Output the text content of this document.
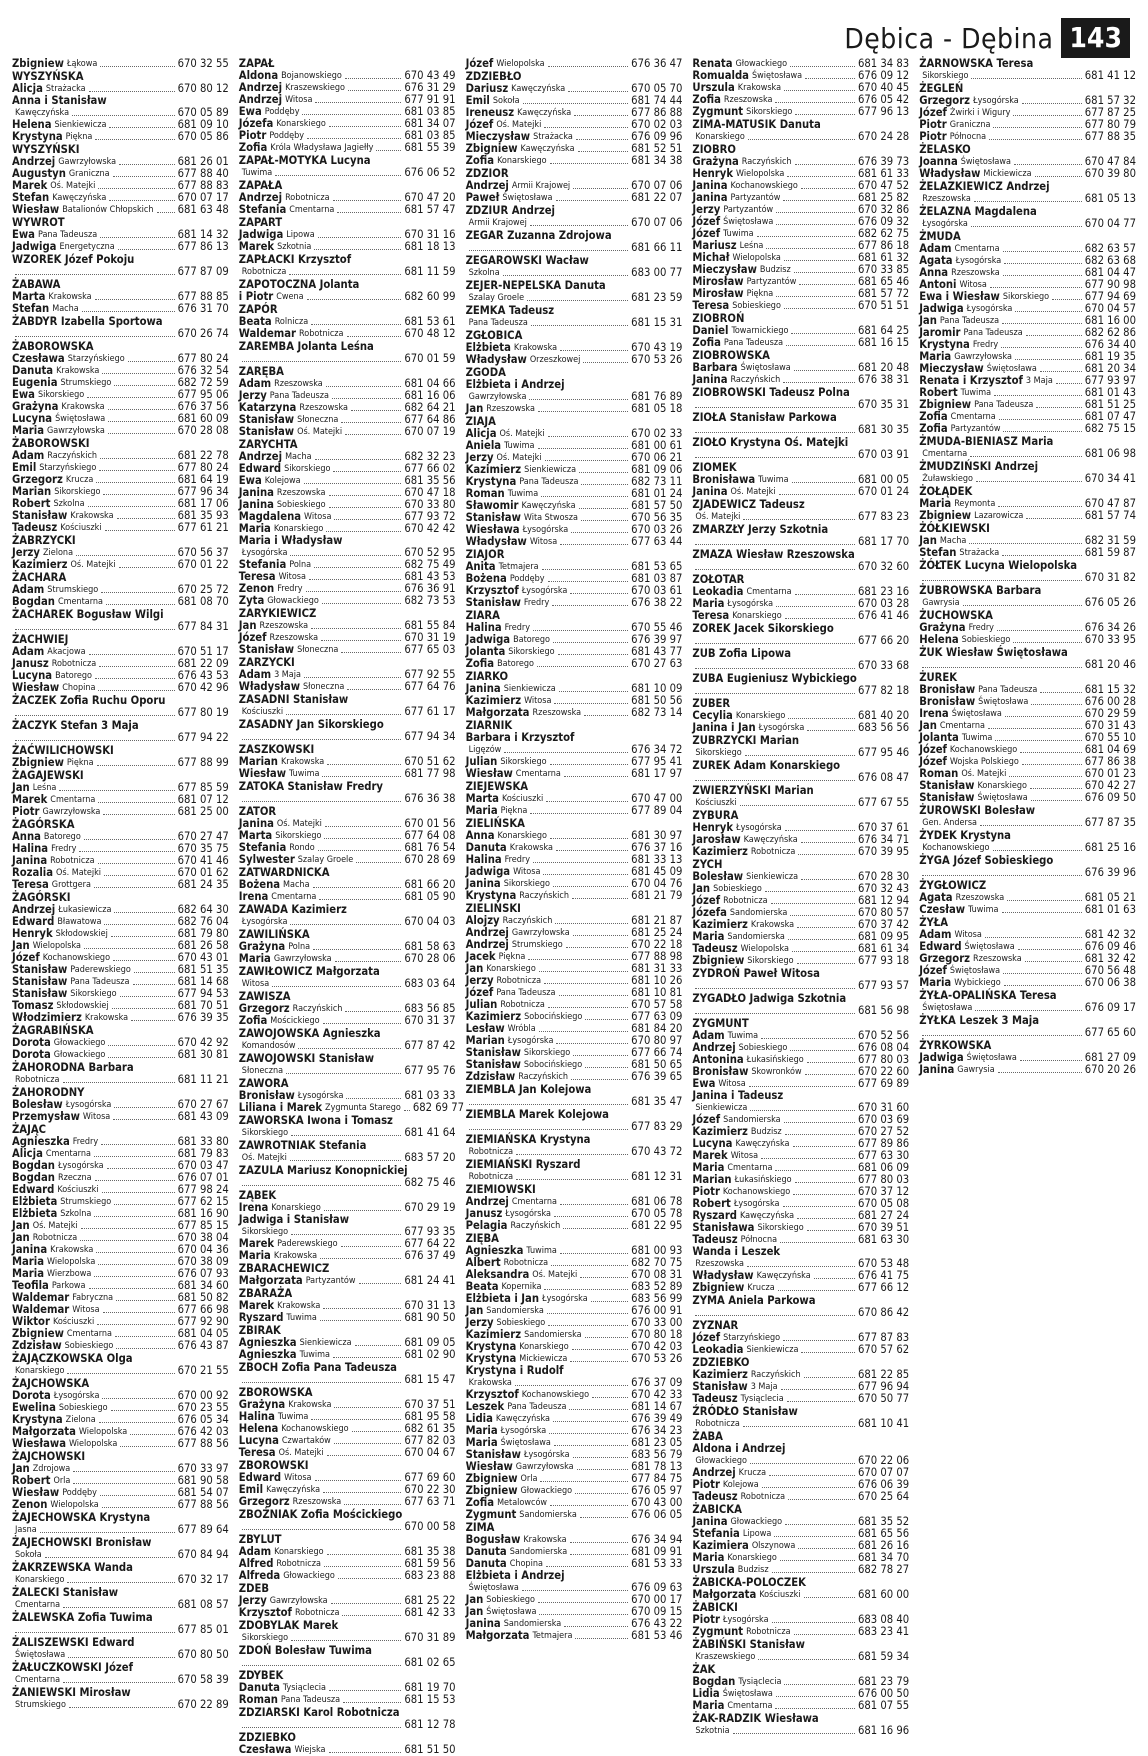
Dębica - Dębina 143
Zbigniew Łąkowa	670 32 55
WYSZYŃSKA
Alicja Strażacka	670 80 12
Anna i Stanisław
Kawęczyńska	670 05 89
Helena Sienkiewicza	681 09 10
Krystyna Piękna	670 05 86
WYSZYŃSKI
Andrzej Gawrzyłowska	681 26 01
Augustyn Graniczna	677 88 40
Marek Oś. Matejki	677 88 83
Stefan Kawęczyńska	670 07 17
Wiesław Batalionów Chłopskich 681 63 48
WYWROT
Ewa Pana Tadeusza	681 14 32
Jadwiga Energetyczna	677 86 13
WZOREK Józef Pokoju
677 87 09
ŻABAWA
Marta Krakowska	677 88 85
Stefan Macha	676 31 70
ŻABDYR Izabella Sportowa
670 26 74
ŻABOROWSKA
Czesława Starzyńskiego	677 80 24
Danuta Krakowska	676 32 54
Eugenia Strumskiego	682 72 59
Ewa Sikorskiego	677 95 06
Grażyna Krakowska	676 37 56
Lucyna Świętosława	681 60 09
Maria Gawrzyłowska	670 28 08
ŻABOROWSKI
Adam Raczyńskich	681 22 78
Emil Starzyńskiego	677 80 24
Grzegorz Krucza	681 64 19
Marian Sikorskiego	677 96 34
Robert Szkolna	681 17 06
Stanisław Krakowska	681 35 93
Tadeusz Kościuszki	677 61 21
ŻABRZYCKI
Jerzy Zielona	670 56 37
Kazimierz Oś. Matejki	670 01 22
ŻACHARA
Adam Strumskiego	670 25 72
Bogdan Cmentarna	681 08 70
ŻACHAREK Bogusław Wilgi
677 84 31
ŻACHWIEJ
Adam Akacjowa	670 51 17
Janusz Robotnicza	681 22 09
Lucyna Batorego	676 43 53
Wiesław Chopina	670 42 96
ŻACZEK Zofia Ruchu Oporu
677 80 19
ŻACZYK Stefan 3 Maja
677 94 22
ŻAĆWILICHOWSKI
Zbigniew Piękna	677 88 99
ŻAGAJEWSKI
Jan Leśna	677 85 59
Marek Cmentarna	681 07 12
Piotr Gawrzyłowska	681 25 00
ŻAGÓRSKA
Anna Batorego	670 27 47
Halina Fredry	670 35 75
Janina Robotnicza	670 41 46
Rozalia Oś. Matejki	670 01 62
Teresa Grottgera	681 24 35
ŻAGÓRSKI
Andrzej Łukasiewicza	682 64 30
Edward Bławatowa	682 76 04
Henryk Skłodowskiej	681 79 80
Jan Wielopolska	681 26 58
Józef Kochanowskiego	670 43 01
Stanisław Paderewskiego	681 51 35
Stanisław Pana Tadeusza	681 14 68
Stanisław Sikorskiego	677 94 53
Tomasz Skłodowskiej	681 70 51
Włodzimierz Krakowska	676 39 35
ŻAGRABIŃSKA
Dorota Głowackiego	670 42 92
Dorota Głowackiego	681 30 81
ŻAHORODNA Barbara
Robotnicza	681 11 21
ŻAHORODNY
Bolesław Łysogórska	670 27 67
Przemysław Witosa	681 43 09
ŻAJĄC
Agnieszka Fredry	681 33 80
Alicja Cmentarna	681 79 83
Bogdan Łysogórska	670 03 47
Bogdan Rzeczna	676 07 01
Edward Kościuszki	677 98 24
Elżbieta Strumskiego	677 62 15
Elżbieta Szkolna	681 16 90
Jan Oś. Matejki	677 85 15
Jan Robotnicza	670 38 04
Janina Krakowska	670 04 36
Maria Wielopolska	670 38 09
Maria Wierzbowa	676 07 93
Teofila Parkowa	681 34 60
Waldemar Fabryczna	681 50 82
Waldemar Witosa	677 66 98
Wiktor Kościuszki	677 92 90
Zbigniew Cmentarna	681 04 05
Zdzisław Sobieskiego	676 43 87
ŻAJĄCZKOWSKA Olga
Konarskiego	670 21 55
ŻAJCHOWSKA
Dorota Łysogórska	670 00 92
Ewelina Sobieskiego	670 23 55
Krystyna Zielona	676 05 34
Małgorzata Wielopolska	676 42 03
Wiesława Wielopolska	677 88 56
ŻAJCHOWSKI
Jan Zdrojowa	670 33 97
Robert Orla	681 90 58
Wiesław Poddęby	681 54 07
Zenon Wielopolska	677 88 56
ŻAJECHOWSKA Krystyna
Jasna	677 89 64
ŻAJECHOWSKI Bronisław
Sokoła	670 84 94
ŻAKRZEWSKA Wanda
Konarskiego	670 32 17
ŻALECKI Stanisław
Cmentarna	681 08 57
ŻALEWSKA Zofia Tuwima
677 85 01
ŻALISZEWSKI Edward
Świętosława	670 80 50
ŻAŁUCZKOWSKI Józef
Cmentarna	670 58 39
ŻANIEWSKI Mirosław
Strumskiego	670 22 89
ZAPAŁ
Aldona Bojanowskiego	670 43 49
Andrzej Kraszewskiego	676 31 29
Andrzej Witosa	677 91 91
Ewa Poddęby	681 03 85
Józefa Konarskiego	681 34 07
Piotr Poddęby	681 03 85
Zofia Króla Władysława Jagiełły	681 55 39
ZAPAŁ-MOTYKA Lucyna
Tuwima	676 06 52
ZAPAŁA
Andrzej Robotnicza	670 47 20
Stefania Cmentarna	681 57 47
ZAPART
Jadwiga Lipowa	670 31 16
Marek Szkotnia	681 18 13
ZAPŁACKI Krzysztof
Robotnicza	681 11 59
ZAPOTOCZNA Jolanta
i Piotr Cwena	682 60 99
ZAPÓR
Beata Rolnicza	681 53 61
Waldemar Robotnicza	670 48 12
ZAREMBA Jolanta Leśna
670 01 59
ZARĘBA
Adam Rzeszowska	681 04 66
Jerzy Pana Tadeusza	681 16 06
Katarzyna Rzeszowska	682 64 21
Stanisław Słoneczna	677 64 86
Stanisław Oś. Matejki	670 07 19
ZARYCHTA
Andrzej Macha	682 32 23
Edward Sikorskiego	677 66 02
Ewa Kolejowa	681 35 56
Janina Rzeszowska	670 47 18
Janina Sobieskiego	670 33 80
Magdalena Witosa	677 93 72
Maria Konarskiego	670 42 42
Maria i Władysław
Łysogórska	670 52 95
Stefania Polna	682 75 49
Teresa Witosa	681 43 53
Zenon Fredry	676 36 91
Zyta Głowackiego	682 73 53
ZARYKIEWICZ
Jan Rzeszowska	681 55 84
Józef Rzeszowska	670 31 19
Stanisław Słoneczna	677 65 03
ZARZYCKI
Adam 3 Maja	677 92 55
Władysław Słoneczna	677 64 76
ZASADNI Stanisław
Kościuszki	677 61 17
ZASADNY Jan Sikorskiego
677 94 34
ZASZKOWSKI
Marian Krakowska	670 51 62
Wiesław Tuwima	681 77 98
ZATOKA Stanisław Fredry
676 36 38
ZATOR
Janina Oś. Matejki	670 01 56
Marta Sikorskiego	677 64 08
Stefania Rondo	681 76 54
Sylwester Szalay Groele	670 28 69
ZATWARDNICKA
Bożena Macha	681 66 20
Irena Cmentarna	681 05 90
ZAWADA Kazimierz
Łysogórska	670 04 03
ZAWILIŃSKA
Grażyna Polna	681 58 63
Maria Gawrzyłowska	670 28 06
ZAWIŁOWICZ Małgorzata
Witosa	683 03 64
ZAWISZA
Grzegorz Raczyńskich	683 56 85
Zofia Mościckiego	670 31 37
ZAWOJOWSKA Agnieszka
Komandosów	677 87 42
ZAWOJOWSKI Stanisław
Słoneczna	677 95 76
ZAWORA
Bronisław Łysogórska	681 03 33
Liliana i Marek Zygmunta Starego 682 69 77
ZAWORSKA Iwona i Tomasz
Sikorskiego	681 41 64
ZAWROTNIAK Stefania
Oś. Matejki	683 57 20
ZAZULA Mariusz Konopnickiej
682 75 46
ZĄBEK
Irena Konarskiego	670 29 19
Jadwiga i Stanisław
Sikorskiego	677 93 35
Marek Paderewskiego	677 64 22
Maria Krakowska	676 37 49
ZBARACHEWICZ
Małgorzata Partyzantów	681 24 41
ZBARAŻA
Marek Krakowska	670 31 13
Ryszard Tuwima	681 90 50
ZBIRAK
Agnieszka Sienkiewicza	681 09 05
Agnieszka Tuwima	681 02 90
ZBOCH Zofia Pana Tadeusza
681 15 47
ZBOROWSKA
Grażyna Krakowska	670 37 51
Halina Tuwima	681 95 58
Helena Kochanowskiego	682 61 35
Lucyna Czwartaków	677 82 03
Teresa Oś. Matejki	670 04 67
ZBOROWSKI
Edward Witosa	677 69 60
Emil Kawęczyńska	670 22 30
Grzegorz Rzeszowska	677 63 71
ZBOŻNIAK Zofia Mościckiego
670 00 58
ZBYLUT
Adam Konarskiego	681 35 38
Alfred Robotnicza	681 59 56
Alfreda Głowackiego	683 23 88
ZDEB
Jerzy Gawrzyłowska	681 25 22
Krzysztof Robotnicza	681 42 33
ZDOBYLAK Marek
Sikorskiego	670 31 89
ZDOŃ Bolesław Tuwima
681 02 65
ZDYBEK
Danuta Tysiąclecia	681 19 70
Roman Pana Tadeusza	681 15 53
ZDZIARSKI Karol Robotnicza
681 12 78
ZDZIEBKO
Czesława Wiejska	681 51 50
Józef Wielopolska	676 36 47
ZDZIEBŁO
Dariusz Kawęczyńska	670 05 70
Emil Sokoła	681 74 44
Ireneusz Kawęczyńska	677 86 88
Józef Oś. Matejki	670 02 03
Mieczysław Strażacka	676 09 96
Zbigniew Kawęczyńska	681 52 51
Zofia Konarskiego	681 34 38
ZDZIOR
Andrzej Armii Krajowej	670 07 06
Paweł Świętosława	681 22 07
ZDZIUR Andrzej
Armii Krajowej	670 07 06
ZEGAR Zuzanna Zdrojowa
681 66 11
ZEGAROWSKI Wacław
Szkolna	683 00 77
ZEJER-NEPELSKA Danuta
Szalay Groele	681 23 59
ZEMKA Tadeusz
Pana Tadeusza	681 15 31
ZGŁOBICA
Elżbieta Krakowska	670 43 19
Władysław Orzeszkowej	670 53 26
ZGODA
Elżbieta i Andrzej
Gawrzyłowska	681 76 89
Jan Rzeszowska	681 05 18
ZIAJA
Alicja Oś. Matejki	670 02 33
Aniela Tuwima	681 00 61
Jerzy Oś. Matejki	670 06 21
Kazimierz Sienkiewicza	681 09 06
Krystyna Pana Tadeusza	682 73 11
Roman Tuwima	681 01 24
Sławomir Kawęczyńska	681 57 50
Stanisław Wita Stwosza	670 56 35
Wiesława Łysogórska	670 03 26
Władysław Witosa	677 63 44
ZIAJOR
Anita Tetmajera	681 53 65
Bożena Poddęby	681 03 87
Krzysztof Łysogórska	670 03 61
Stanisław Fredry	676 38 22
ZIARA
Halina Fredry	670 55 46
Jadwiga Batorego	676 39 97
Jolanta Sikorskiego	681 43 77
Zofia Batorego	670 27 63
ZIARKO
Janina Sienkiewicza	681 10 09
Kazimierz Witosa	681 50 56
Małgorzata Rzeszowska	682 73 14
ZIARNIK
Barbara i Krzysztof
Ligęzów	676 34 72
Julian Sikorskiego	677 95 41
Wiesław Cmentarna	681 17 97
ZIEJEWSKA
Marta Kościuszki	670 47 00
Maria Piękna	677 89 04
ZIELIŃSKA
Anna Konarskiego	681 30 97
Danuta Krakowska	676 37 16
Halina Fredry	681 33 13
Jadwiga Witosa	681 45 09
Janina Sikorskiego	670 04 76
Krystyna Raczyńskich	681 21 79
ZIELIŃSKI
Alojzy Raczyńskich	681 21 87
Andrzej Gawrzyłowska	681 25 24
Andrzej Strumskiego	670 22 18
Jacek Piękna	677 88 98
Jan Konarskiego	681 31 33
Jerzy Robotnicza	681 10 26
Józef Pana Tadeusza	681 10 81
Julian Robotnicza	670 57 58
Kazimierz Sobocińskiego	677 63 09
Lesław Wróbla	681 84 20
Marian Łysogórska	670 80 97
Stanisław Sikorskiego	677 66 74
Stanisław Sobocińskiego	681 50 65
Zdzisław Raczyńskich	676 39 65
ZIEMBLA Jan Kolejowa
681 35 47
ZIEMBLA Marek Kolejowa
677 83 29
ZIEMIAŃSKA Krystyna
Robotnicza	670 43 72
ZIEMIAŃSKI Ryszard
Robotnicza	681 12 31
ZIEMIOWSKI
Andrzej Cmentarna	681 06 78
Janusz Łysogórska	670 05 78
Pelagia Raczyńskich	681 22 95
ZIĘBA
Agnieszka Tuwima	681 00 93
Albert Robotnicza	682 70 75
Aleksandra Oś. Matejki	670 08 31
Beata Kopernika	683 52 89
Elżbieta i Jan Łysogórska	683 56 99
Jan Sandomierska	676 00 91
Jerzy Sobieskiego	670 33 00
Kazimierz Sandomierska	670 80 18
Krystyna Konarskiego	670 42 03
Krystyna Mickiewicza	670 53 26
Krystyna i Rudolf
Krakowska	676 37 09
Krzysztof Kochanowskiego	670 42 33
Leszek Pana Tadeusza	681 14 67
Lidia Kawęczyńska	676 39 49
Maria Łysogórska	676 34 23
Maria Świętosława	681 23 05
Stanisław Łysogórska	683 56 79
Wiesław Gawrzyłowska	681 78 13
Zbigniew Orla	677 84 75
Zbigniew Głowackiego	676 05 97
Zofia Metalowców	670 43 00
Zygmunt Sandomierska	676 06 05
ZIMA
Bogusław Krakowska	676 34 94
Danuta Sandomierska	681 09 91
Danuta Chopina	681 53 33
Elżbieta i Andrzej
Świętosława	676 09 63
Jan Sobieskiego	670 00 17
Jan Świętosława	670 09 15
Janina Sandomierska	676 43 22
Małgorzata Tetmajera	681 53 46
Renata Głowackiego	681 34 83
Romualda Świętosława	676 09 12
Urszula Krakowska	670 40 45
Zofia Rzeszowska	676 05 42
Zygmunt Sikorskiego	677 96 13
ZIMA-MATUSIK Danuta
Konarskiego	670 24 28
ZIOBRO
Grażyna Raczyńskich	676 39 73
Henryk Wielopolska	681 61 33
Janina Kochanowskiego	670 47 52
Janina Partyzantów	681 25 82
Jerzy Partyzantów	670 32 86
Józef Świętosława	676 09 32
Józef Tuwima	682 62 75
Mariusz Leśna	677 86 18
Michał Wielopolska	681 61 32
Mieczysław Budzisz	670 33 85
Mirosław Partyzantów	681 65 46
Mirosław Piękna	681 57 72
Teresa Sobieskiego	670 51 51
ZIOBROŃ
Daniel Towarnickiego	681 64 25
Zofia Pana Tadeusza	681 16 15
ZIOBROWSKA
Barbara Świętosława	681 20 48
Janina Raczyńskich	676 38 31
ZIOBROWSKI Tadeusz Polna
670 35 31
ZIOŁA Stanisław Parkowa
681 30 35
ZIOŁO Krystyna Oś. Matejki
670 03 91
ZIOMEK
Bronisława Tuwima	681 00 05
Janina Oś. Matejki	670 01 24
ZJADEWICZ Tadeusz
Oś. Matejki	677 83 23
ZMARZŁY Jerzy Szkotnia
681 17 70
ZMAZA Wiesław Rzeszowska
670 32 60
ZOŁOTAR
Leokadia Cmentarna	681 23 16
Maria Łysogórska	670 03 28
Teresa Konarskiego	676 41 46
ZOREK Jacek Sikorskiego
677 66 20
ZUB Zofia Lipowa
670 33 68
ZUBA Eugieniusz Wybickiego
677 82 18
ZUBER
Cecylia Konarskiego	681 40 20
Janina i Jan Łysogórska	683 56 56
ZUBRZYCKI Marian
Sikorskiego	677 95 46
ZUREK Adam Konarskiego
676 08 47
ZWIERZYŃSKI Marian
Kościuszki	677 67 55
ZYBURA
Henryk Łysogórska	670 37 61
Jarosław Kawęczyńska	676 34 71
Kazimierz Robotnicza	670 39 95
ZYCH
Bolesław Sienkiewicza	670 28 30
Jan Sobieskiego	670 32 43
Józef Robotnicza	681 12 94
Józefa Sandomierska	670 80 57
Kazimierz Krakowska	670 37 42
Maria Sandomierska	681 09 95
Tadeusz Wielopolska	681 61 34
Zbigniew Sikorskiego	677 93 18
ZYDROŃ Paweł Witosa
677 93 57
ZYGADŁO Jadwiga Szkotnia
681 56 98
ZYGMUNT
Adam Tuwima	670 52 56
Andrzej Sobieskiego	676 08 04
Antonina Łukasińskiego	677 80 03
Bronisław Skowronków	670 22 60
Ewa Witosa	677 69 89
Janina i Tadeusz
Sienkiewicza	670 31 60
Józef Sandomierska	670 03 69
Kazimierz Budzisz	670 27 52
Lucyna Kawęczyńska	677 89 86
Marek Witosa	677 63 30
Maria Cmentarna	681 06 09
Marian Łukasińskiego	677 80 03
Piotr Kochanowskiego	670 37 12
Robert Łysogórska	670 05 08
Ryszard Kawęczyńska	681 27 24
Stanisława Sikorskiego	670 39 51
Tadeusz Północna	681 63 30
Wanda i Leszek
Rzeszowska	670 53 48
Władysław Kawęczyńska	676 41 75
Zbigniew Krucza	677 66 12
ZYMA Aniela Parkowa
670 86 42
ZYZNAR
Józef Starzyńskiego	677 87 83
Leokadia Sienkiewicza	670 57 62
ZDZIEBKO
Kazimierz Raczyńskich	681 22 85
Stanisław 3 Maja	677 96 94
Tadeusz Tysiąclecia	670 50 77
ŹRÓDŁO Stanisław
Robotnicza	681 10 41
ŻABA
Aldona i Andrzej
Głowackiego	670 22 06
Andrzej Krucza	670 07 07
Piotr Kolejowa	676 06 39
Tadeusz Robotnicza	670 25 64
ŻABICKA
Janina Głowackiego	681 35 52
Stefania Lipowa	681 65 56
Kazimiera Olszynowa	681 26 16
Maria Konarskiego	681 34 70
Urszula Budzisz	682 78 27
ŻABICKA-POLOCZEK
Małgorzata Kościuszki	681 60 00
ŻABICKI
Piotr Łysogórska	683 08 40
Zygmunt Robotnicza	683 23 41
ŻABIŃSKI Stanisław
Kraszewskiego	681 59 34
ŻAK
Bogdan Tysiąclecia	681 23 79
Lidia Świętosława	676 00 50
Maria Cmentarna	681 07 55
ŻAK-RADZIK Wiesława
Szkotnia	681 16 96
ŻARNOWSKA Teresa
Sikorskiego	681 41 12
ŻEGLEŃ
Grzegorz Łysogórska	681 57 32
Józef Żwirki i Wigury	677 87 25
Piotr Graniczna	677 80 79
Piotr Północna	677 88 35
ŻELASKO
Joanna Świętosława	670 47 84
Władysław Mickiewicza	670 39 80
ŻELAZKIEWICZ Andrzej
Rzeszowska	681 05 13
ŻELAZNA Magdalena
Łysogórska	670 04 77
ŻMUDA
Adam Cmentarna	682 63 57
Agata Łysogórska	682 63 68
Anna Rzeszowska	681 04 47
Antoni Witosa	677 90 98
Ewa i Wiesław Sikorskiego	677 94 69
Jadwiga Łysogórska	670 04 57
Jan Pana Tadeusza	681 16 00
Jaromir Pana Tadeusza	682 62 86
Krystyna Fredry	676 34 40
Maria Gawrzyłowska	681 19 35
Mieczysław Świętosława	681 20 34
Renata i Krzysztof 3 Maja	677 93 97
Robert Tuwima	681 01 43
Zbigniew Pana Tadeusza	681 51 25
Zofia Cmentarna	681 07 47
Zofia Partyzantów	682 75 15
ŻMUDA-BIENIASZ Maria
Cmentarna	681 06 98
ŻMUDZIŃSKI Andrzej
Żuławskiego	670 34 41
ŻOŁĄDEK
Maria Reymonta	670 47 87
Zbigniew Lazarowicza	681 57 74
ŻÓŁKIEWSKI
Jan Macha	682 31 59
Stefan Strażacka	681 59 87
ŻÓŁTEK Lucyna Wielopolska
670 31 82
ŻUBROWSKA Barbara
Gawrysia	676 05 26
ŻUCHOWSKA
Grażyna Fredry	676 34 26
Helena Sobieskiego	670 33 95
ŻUK Wiesław Świętosława
681 20 46
ŻUREK
Bronisław Pana Tadeusza	681 15 32
Bronisław Świętosława	676 00 28
Irena Świętosława	670 29 59
Jan Cmentarna	670 31 43
Jolanta Tuwima	670 55 10
Józef Kochanowskiego	681 04 69
Józef Wojska Polskiego	677 86 38
Roman Oś. Matejki	670 01 23
Stanisław Konarskiego	670 42 27
Stanisław Świętosława	676 09 50
ŻUROWSKI Bolesław
Gen. Andersa	677 87 35
ŻYDEK Krystyna
Kochanowskiego	681 25 16
ŻYGA Józef Sobieskiego
676 39 96
ŻYGŁOWICZ
Agata Rzeszowska	681 05 21
Czesław Tuwima	681 01 63
ŻYŁA
Adam Witosa	681 42 32
Edward Świętosława	676 09 46
Grzegorz Rzeszowska	681 32 42
Józef Świętosława	670 56 48
Maria Wybickiego	670 06 38
ŻYŁA-OPALIŃSKA Teresa
Świętosława	676 09 17
ŻYŁKA Leszek 3 Maja
677 65 60
ŻYRKOWSKA
Jadwiga Świętosława	681 27 09
Janina Gawrysia	670 20 26
